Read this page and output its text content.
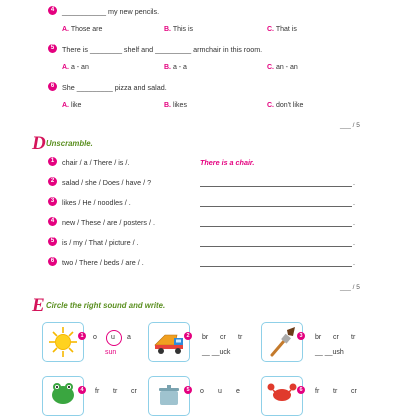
4	___________ my new pencils.
A. Those are	B. This is	C. That is
5	There is ________ shelf and _________ armchair in this room.
A. a - an	B. a - a	C. an - an
6	She _________ pizza and salad.
A. like	B. likes	C. don't like
___ / 5
D Unscramble.
1	chair / a / There / is /.	There is a chair.
2	salad / she / Does / have / ?	.
3	likes / He / noodles / .	.
4	new / These / are / posters / .	.
5	is / my / That / picture / .	.
6	two / There / beds / are / .	.
___ / 5
E Circle the right sound and write.
1	o u a
sun
2	br cr tr
__ __uck
3	br cr tr
__ __ush
4	fr tr cr	5	o u e	6	fr tr cr
